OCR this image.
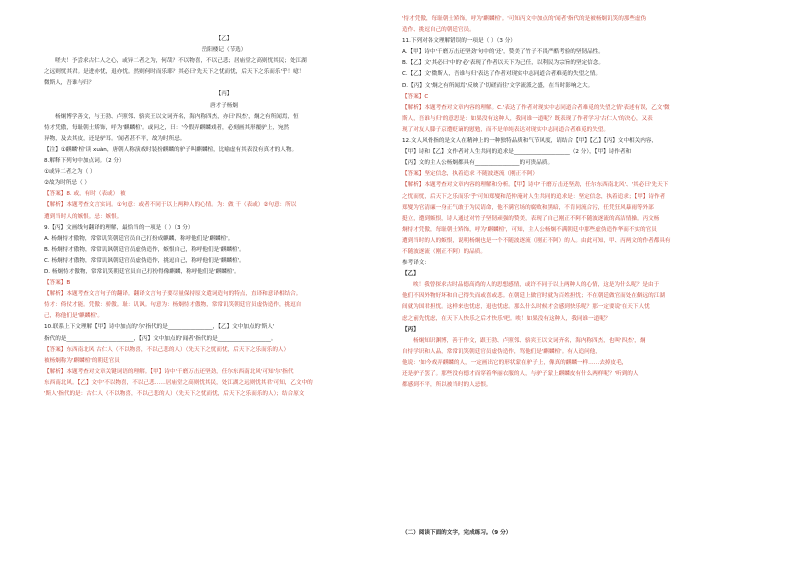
【乙】
岳阳楼记（节选）
嗟夫！予尝求古仁人之心，或异二者之为，何哉？不以物喜，不以己悲；居庙堂之高则忧其民；处江湖
之远则忧其君。是进亦忧，退亦忧。然则何时而乐耶？其必曰'先天下之忧而忧，后天下之乐而乐'乎！噫！
微斯人，吾谁与归？
【丙】
唐才子杨炯
杨炯博学善文，与王勃、卢照邻、骆宾王以文词齐名，海内称四杰，亦曰'四杰'，炯之有所闻焉，恒
恃才凭傲，每耻朝士矫饰，呼为'麒麟楦'。或问之，曰：'今假弄麒麟戏者，必刻画其形覆驴上，宛然
异物，及去其皮，还是驴耳。'闻者甚不平，故为时所忌。
【注】①麒麟'楦'读 xuàn，唐朝人称演戏时装扮麒麟的驴子叫麒麟楦，比喻虚有其表没有真才的人物。
8.解释下列句中加点词。（2 分）
①或异二者之为（ ）
②故为时所忌（ ）
【答案】8. 或，有时（表或） 被
【解析】本题考查文言实词。①句意：或者不同于以上两种人的心情。为：做 干（表或）②句意：所以
遭到当时人的嫉恨。忌：嫉恨。
9.【丙】文画线句翻译的理解，最恰当的一项是（ ）（3 分）
A. 杨炯恃才傲物，常常讥笑朝廷官员自己打扮成麒麟，称呼他们是'麒麟楦'。
B. 杨炯恃才傲物，常常讥讽朝廷官员虚伪造作，嫉恨自己，称呼他们是'麒麟楦'。
C. 杨炯恃才傲物，常常讥讽朝廷官员虚伪造作，挑逗自己，称呼他们是'麒麟楦'。
D. 杨炯恃才傲物，常常讥笑朝廷官员自己打扮得像麒麟，称呼他们是'麒麟楦'。
【答案】B
【解析】本题考查文言句子的翻译。翻译文言句子要尽量保持原文遣词造句的特点，直译和意译相结合。
恃才：倚仗才能。凭傲：骄傲。耻：讥讽。句意为：杨炯恃才傲物，常常讥笑朝廷官员虚伪造作，挑逗自
己，称他们是'麒麟楦'。
10.联系上下文理解【甲】诗中加点的'尔'指代的是________________，【乙】文中加点的'斯人'
指代的是________________________，【丙】文中加点的'闻者'指代的是___________________。
【答案】东西南北风 古仁人（不以物喜，不以己悲的人）（先天下之忧而忧，后天下之乐而乐的人）
被杨炯称为'麒麟楦'的朝廷官员
【解析】本题考查对文章关键词语的理解。【甲】诗中'千磨万击还坚劲，任尔东西南北风'可知'尔'指代
东西南北风。【乙】文中'不以物喜，不以己悲……居庙堂之高则忧其民，处江湖之远则忧其君'可知，乙文中的
'斯人'指代的是：古仁人（不以物喜，不以己悲的人）（先天下之忧而忧，后天下之乐而乐的人）；结合原文
'恃才凭傲，每耻朝士矫饰，呼为'麒麟楦'。'可知丙文中加点的'闻者'指代的是被杨炯讥笑的那些虚伪
造作、挑逗自己的朝廷官员。
11.下列对各文理解错误的一项是（ ）（3 分）
A.【甲】诗中'千磨万击还坚劲'句中的'还'，赞美了竹子不畏严酷考验的坚韧品性。
B.【乙】文'其必曰'中的'必'表现了作者以天下为己任，以利民为宗旨的坚定信念。
C.【乙】文'微斯人，吾谁与归'表达了作者对现实中志同道合者难觅的失望之情。
D.【丙】文'炯之有所闻焉'反映了'切磋而往'文学流派之盛，在当时影响之大。
【答案】C
【解析】本题考查对文章内容的理解。C.'表达了作者对现实中志同道合者难觅的失望之情'表述有误，乙文'微
斯人，吾谁与归'的意思是：如果没有这种人，我同谁一道呢？既表现了作者学习'古仁人'的决心，又表
现了对友人滕子京遭贬谪的慰勉，而不是单纯表达对现实中志同道合者难觅的失望。
12.文人风骨指的是文人在精神上的一种独特品质和气节风度，请结合【甲】【乙】【丙】文中相关内容，
【甲】诗和【乙】文作者对人生共同的追求是____________________（2 分），【甲】诗作者和
【丙】文的主人公杨炯都具有________________的可贵品质。
【答案】坚定信念，执着追求 不随波逐流（刚正不阿）
【解析】本题考查对文章内容的理解和分析。【甲】诗中'千磨万击还坚劲，任尔东西南北风'、'其必曰'先天下
之忧而忧，后天下之乐而乐'乎'可知郑燮和范仲淹对人生共同的追求是：坚定信念，执着追求；【甲】诗作者
郑燮为官清廉一身正气敢于为民请命，他不满官场的腐败和黑暗，不肯同流合污，任凭狂风暴雨等外部
挺立，遭到嫉恨，诗人通过对竹子坚韧顽强的赞美，表现了自己刚正不阿不随波逐流的高洁情操。丙文杨
炯恃才凭傲，每耻朝士矫饰，呼为'麒麟楦'，可知，主人公杨炯不满朝廷中那些虚伪造作华而不实的官员
遭到当时的人的嫉恨，说明杨炯也是一个不随波逐流（刚正不阿）的人。由此可知，甲、丙两文的作者都具有
不随波逐流（刚正不阿）的品质。
参考译文：
【乙】
唉！我曾探求古时品德高尚的人的思想感情，或许不同于以上两种人的心情，这是为什么呢？是由于
他们不因外物好坏和自己得失而或喜或悲。在朝廷上做官时就为百姓担忧；不在朝廷做官而处在僻远的江湖
间就为国君担忧。这样来也忧虑，退也忧虑。那么什么时候才会感到快乐呢？那一定要说'在天下人忧
虑之前先忧虑，在天下人快乐之后才快乐'吧。唉！如果没有这种人，我同谁一道呢？
【丙】
杨炯知识渊博，善于作文，跟王勃、卢照邻、骆宾王以文词齐名，海内称四杰，也叫'四杰'，炯
自恃学识和人品，常常讥笑朝廷官员虚伪造作，骂他们是'麒麟楦'。有人追问他，
他说：'如今戏弄麒麟的人，一定画出它的形状蒙在驴子上，像真的麒麟一样……去掉皮毛，
还是驴子罢了。那些没有德才而穿着华丽衣服的人，与驴子蒙上麒麟皮有什么两样呢？'听到的人
都感到不平，所以被当时的人忌恨。
（二）阅读下面的文字，完成练习。（9 分）
